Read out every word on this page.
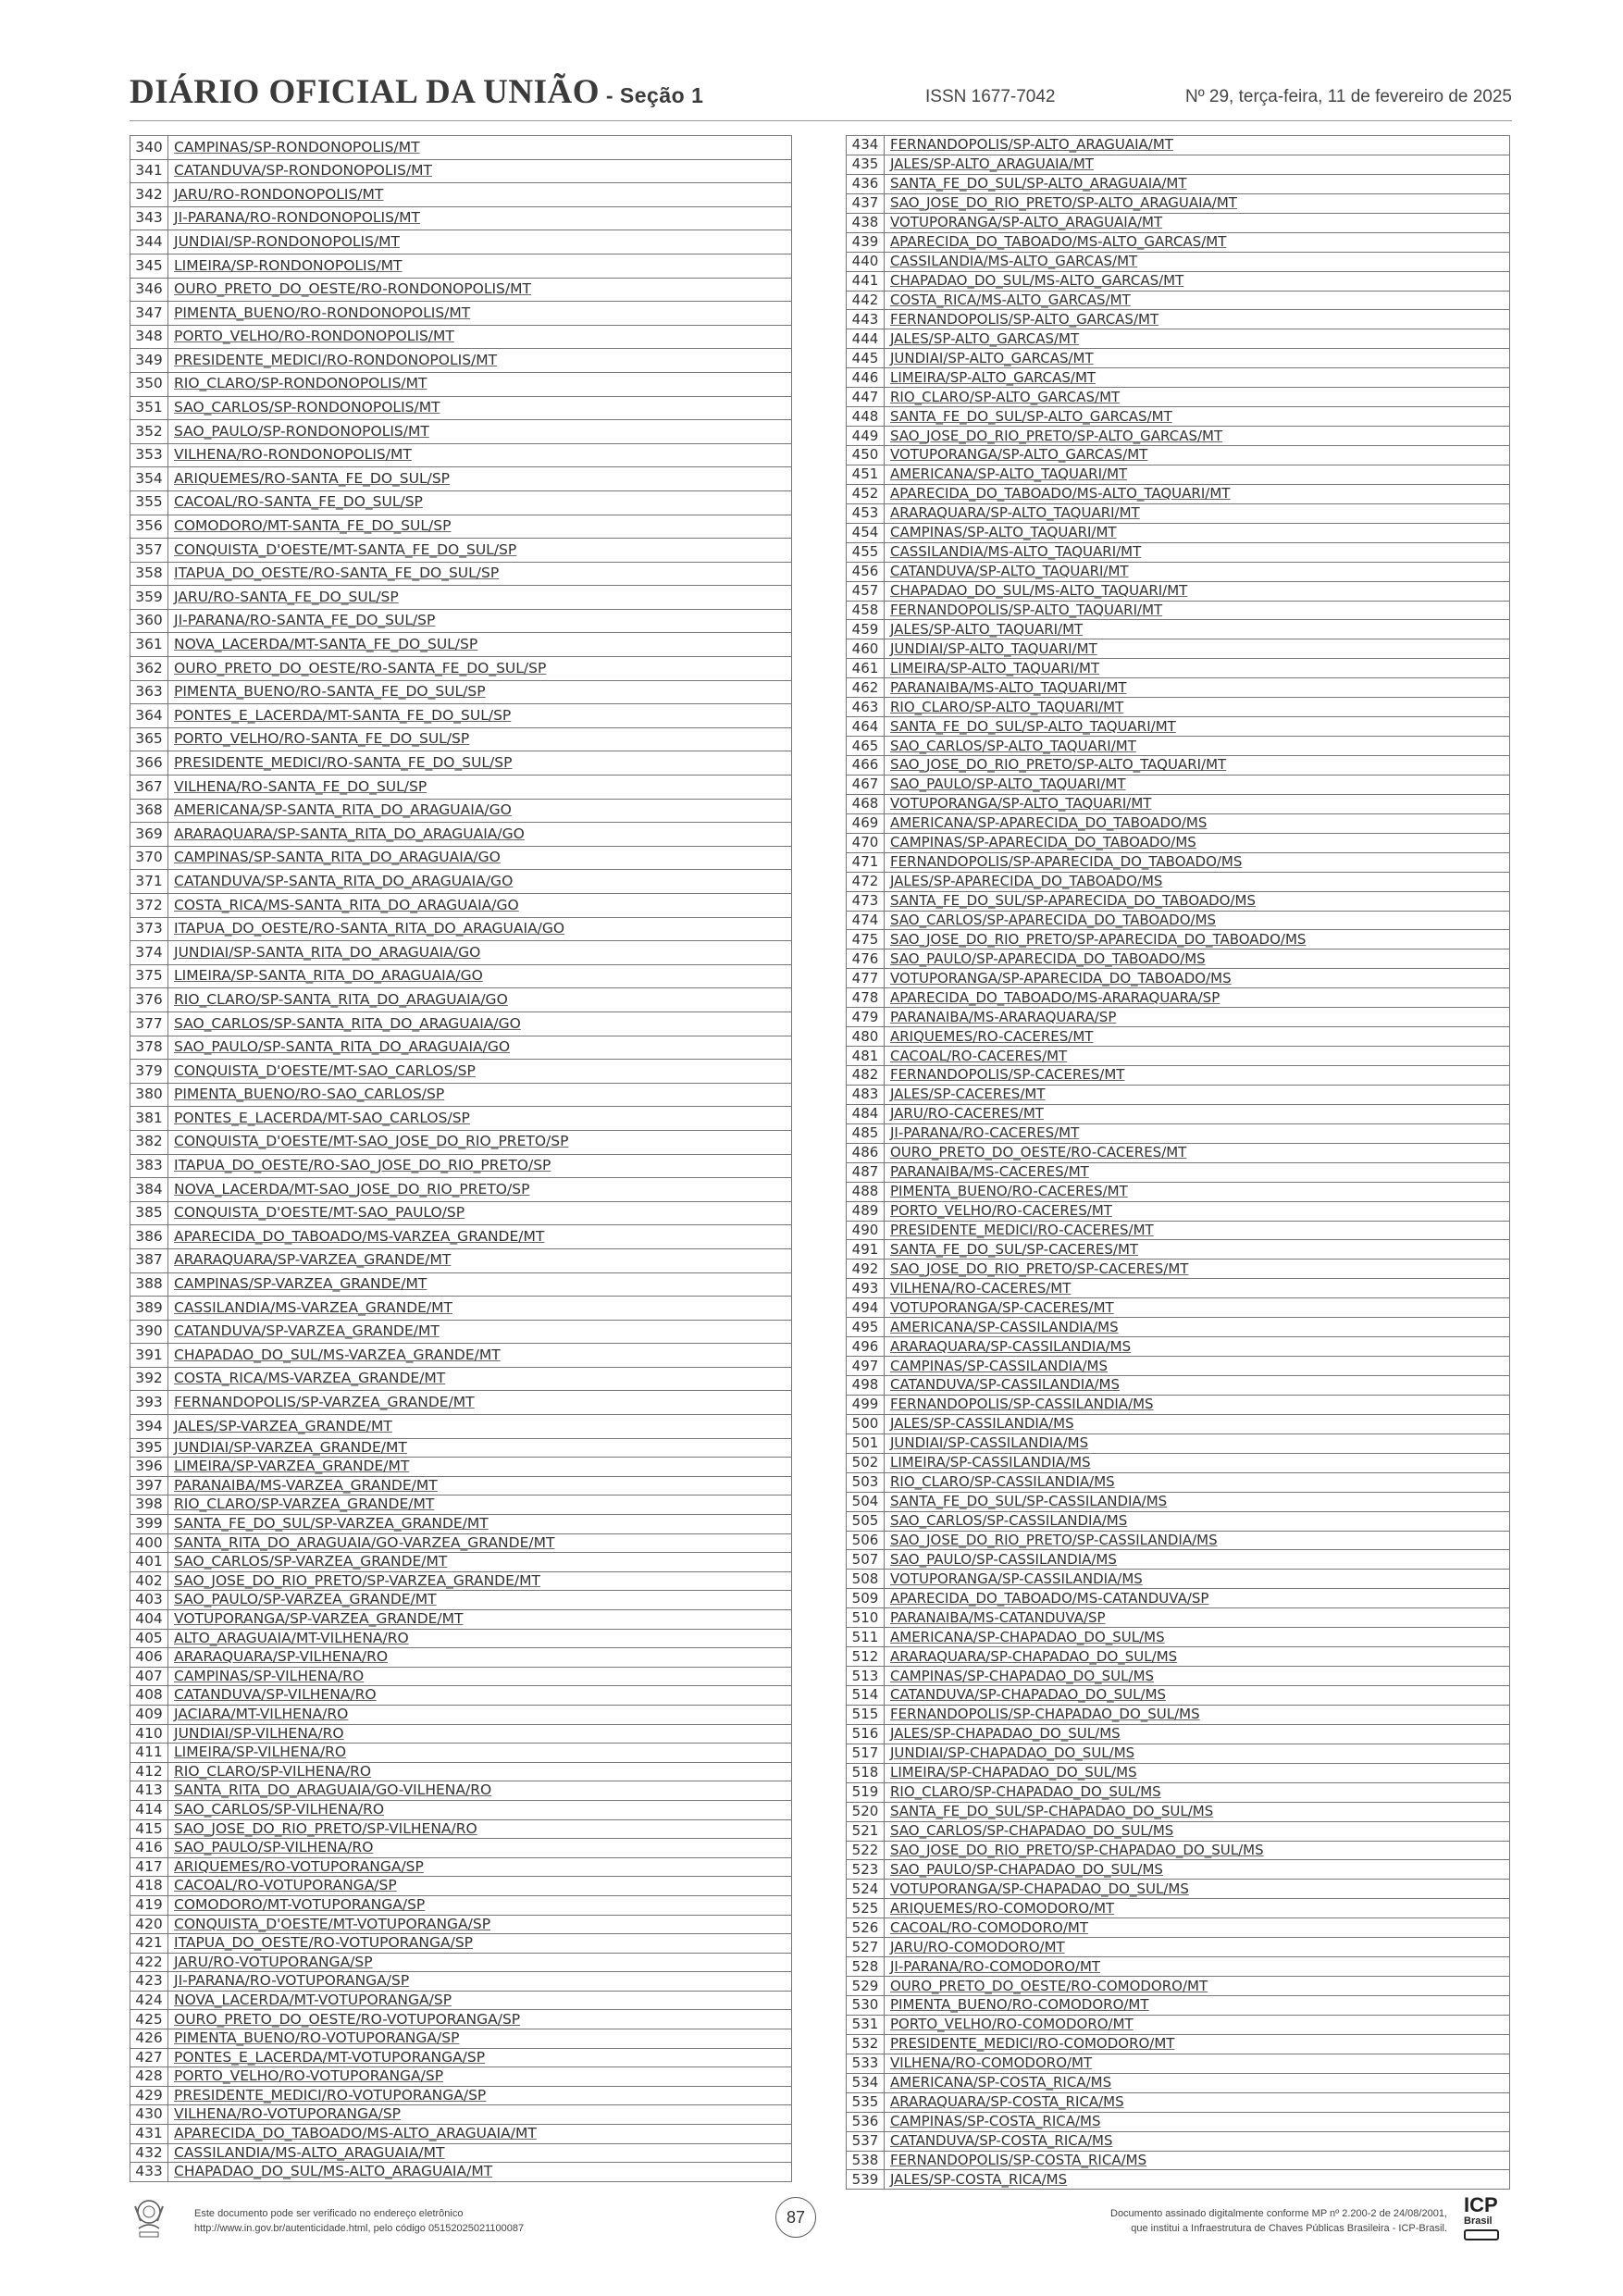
DIÁRIO OFICIAL DA UNIÃO - Seção 1	ISSN 1677-7042	Nº 29, terça-feira, 11 de fevereiro de 2025
340	CAMPINAS/SP-RONDONOPOLIS/MT
341	CATANDUVA/SP-RONDONOPOLIS/MT
342	JARU/RO-RONDONOPOLIS/MT
343	JI-PARANA/RO-RONDONOPOLIS/MT
344	JUNDIAI/SP-RONDONOPOLIS/MT
345	LIMEIRA/SP-RONDONOPOLIS/MT
346	OURO_PRETO_DO_OESTE/RO-RONDONOPOLIS/MT
347	PIMENTA_BUENO/RO-RONDONOPOLIS/MT
348	PORTO_VELHO/RO-RONDONOPOLIS/MT
349	PRESIDENTE_MEDICI/RO-RONDONOPOLIS/MT
350	RIO_CLARO/SP-RONDONOPOLIS/MT
351	SAO_CARLOS/SP-RONDONOPOLIS/MT
352	SAO_PAULO/SP-RONDONOPOLIS/MT
353	VILHENA/RO-RONDONOPOLIS/MT
354	ARIQUEMES/RO-SANTA_FE_DO_SUL/SP
355	CACOAL/RO-SANTA_FE_DO_SUL/SP
356	COMODORO/MT-SANTA_FE_DO_SUL/SP
357	CONQUISTA_D'OESTE/MT-SANTA_FE_DO_SUL/SP
358	ITAPUA_DO_OESTE/RO-SANTA_FE_DO_SUL/SP
359	JARU/RO-SANTA_FE_DO_SUL/SP
360	JI-PARANA/RO-SANTA_FE_DO_SUL/SP
361	NOVA_LACERDA/MT-SANTA_FE_DO_SUL/SP
362	OURO_PRETO_DO_OESTE/RO-SANTA_FE_DO_SUL/SP
363	PIMENTA_BUENO/RO-SANTA_FE_DO_SUL/SP
364	PONTES_E_LACERDA/MT-SANTA_FE_DO_SUL/SP
365	PORTO_VELHO/RO-SANTA_FE_DO_SUL/SP
366	PRESIDENTE_MEDICI/RO-SANTA_FE_DO_SUL/SP
367	VILHENA/RO-SANTA_FE_DO_SUL/SP
368	AMERICANA/SP-SANTA_RITA_DO_ARAGUAIA/GO
369	ARARAQUARA/SP-SANTA_RITA_DO_ARAGUAIA/GO
370	CAMPINAS/SP-SANTA_RITA_DO_ARAGUAIA/GO
371	CATANDUVA/SP-SANTA_RITA_DO_ARAGUAIA/GO
372	COSTA_RICA/MS-SANTA_RITA_DO_ARAGUAIA/GO
373	ITAPUA_DO_OESTE/RO-SANTA_RITA_DO_ARAGUAIA/GO
374	JUNDIAI/SP-SANTA_RITA_DO_ARAGUAIA/GO
375	LIMEIRA/SP-SANTA_RITA_DO_ARAGUAIA/GO
376	RIO_CLARO/SP-SANTA_RITA_DO_ARAGUAIA/GO
377	SAO_CARLOS/SP-SANTA_RITA_DO_ARAGUAIA/GO
378	SAO_PAULO/SP-SANTA_RITA_DO_ARAGUAIA/GO
379	CONQUISTA_D'OESTE/MT-SAO_CARLOS/SP
380	PIMENTA_BUENO/RO-SAO_CARLOS/SP
381	PONTES_E_LACERDA/MT-SAO_CARLOS/SP
382	CONQUISTA_D'OESTE/MT-SAO_JOSE_DO_RIO_PRETO/SP
383	ITAPUA_DO_OESTE/RO-SAO_JOSE_DO_RIO_PRETO/SP
384	NOVA_LACERDA/MT-SAO_JOSE_DO_RIO_PRETO/SP
385	CONQUISTA_D'OESTE/MT-SAO_PAULO/SP
386	APARECIDA_DO_TABOADO/MS-VARZEA_GRANDE/MT
387	ARARAQUARA/SP-VARZEA_GRANDE/MT
388	CAMPINAS/SP-VARZEA_GRANDE/MT
389	CASSILANDIA/MS-VARZEA_GRANDE/MT
390	CATANDUVA/SP-VARZEA_GRANDE/MT
391	CHAPADAO_DO_SUL/MS-VARZEA_GRANDE/MT
392	COSTA_RICA/MS-VARZEA_GRANDE/MT
393	FERNANDOPOLIS/SP-VARZEA_GRANDE/MT
394	JALES/SP-VARZEA_GRANDE/MT
395	JUNDIAI/SP-VARZEA_GRANDE/MT
396	LIMEIRA/SP-VARZEA_GRANDE/MT
397	PARANAIBA/MS-VARZEA_GRANDE/MT
398	RIO_CLARO/SP-VARZEA_GRANDE/MT
399	SANTA_FE_DO_SUL/SP-VARZEA_GRANDE/MT
400	SANTA_RITA_DO_ARAGUAIA/GO-VARZEA_GRANDE/MT
401	SAO_CARLOS/SP-VARZEA_GRANDE/MT
402	SAO_JOSE_DO_RIO_PRETO/SP-VARZEA_GRANDE/MT
403	SAO_PAULO/SP-VARZEA_GRANDE/MT
404	VOTUPORANGA/SP-VARZEA_GRANDE/MT
405	ALTO_ARAGUAIA/MT-VILHENA/RO
406	ARARAQUARA/SP-VILHENA/RO
407	CAMPINAS/SP-VILHENA/RO
408	CATANDUVA/SP-VILHENA/RO
409	JACIARA/MT-VILHENA/RO
410	JUNDIAI/SP-VILHENA/RO
411	LIMEIRA/SP-VILHENA/RO
412	RIO_CLARO/SP-VILHENA/RO
413	SANTA_RITA_DO_ARAGUAIA/GO-VILHENA/RO
414	SAO_CARLOS/SP-VILHENA/RO
415	SAO_JOSE_DO_RIO_PRETO/SP-VILHENA/RO
416	SAO_PAULO/SP-VILHENA/RO
417	ARIQUEMES/RO-VOTUPORANGA/SP
418	CACOAL/RO-VOTUPORANGA/SP
419	COMODORO/MT-VOTUPORANGA/SP
420	CONQUISTA_D'OESTE/MT-VOTUPORANGA/SP
421	ITAPUA_DO_OESTE/RO-VOTUPORANGA/SP
422	JARU/RO-VOTUPORANGA/SP
423	JI-PARANA/RO-VOTUPORANGA/SP
424	NOVA_LACERDA/MT-VOTUPORANGA/SP
425	OURO_PRETO_DO_OESTE/RO-VOTUPORANGA/SP
426	PIMENTA_BUENO/RO-VOTUPORANGA/SP
427	PONTES_E_LACERDA/MT-VOTUPORANGA/SP
428	PORTO_VELHO/RO-VOTUPORANGA/SP
429	PRESIDENTE_MEDICI/RO-VOTUPORANGA/SP
430	VILHENA/RO-VOTUPORANGA/SP
431	APARECIDA_DO_TABOADO/MS-ALTO_ARAGUAIA/MT
432	CASSILANDIA/MS-ALTO_ARAGUAIA/MT
433	CHAPADAO_DO_SUL/MS-ALTO_ARAGUAIA/MT
434	FERNANDOPOLIS/SP-ALTO_ARAGUAIA/MT
435	JALES/SP-ALTO_ARAGUAIA/MT
436	SANTA_FE_DO_SUL/SP-ALTO_ARAGUAIA/MT
437	SAO_JOSE_DO_RIO_PRETO/SP-ALTO_ARAGUAIA/MT
438	VOTUPORANGA/SP-ALTO_ARAGUAIA/MT
439	APARECIDA_DO_TABOADO/MS-ALTO_GARCAS/MT
440	CASSILANDIA/MS-ALTO_GARCAS/MT
441	CHAPADAO_DO_SUL/MS-ALTO_GARCAS/MT
442	COSTA_RICA/MS-ALTO_GARCAS/MT
443	FERNANDOPOLIS/SP-ALTO_GARCAS/MT
444	JALES/SP-ALTO_GARCAS/MT
445	JUNDIAI/SP-ALTO_GARCAS/MT
446	LIMEIRA/SP-ALTO_GARCAS/MT
447	RIO_CLARO/SP-ALTO_GARCAS/MT
448	SANTA_FE_DO_SUL/SP-ALTO_GARCAS/MT
449	SAO_JOSE_DO_RIO_PRETO/SP-ALTO_GARCAS/MT
450	VOTUPORANGA/SP-ALTO_GARCAS/MT
451	AMERICANA/SP-ALTO_TAQUARI/MT
452	APARECIDA_DO_TABOADO/MS-ALTO_TAQUARI/MT
453	ARARAQUARA/SP-ALTO_TAQUARI/MT
454	CAMPINAS/SP-ALTO_TAQUARI/MT
455	CASSILANDIA/MS-ALTO_TAQUARI/MT
456	CATANDUVA/SP-ALTO_TAQUARI/MT
457	CHAPADAO_DO_SUL/MS-ALTO_TAQUARI/MT
458	FERNANDOPOLIS/SP-ALTO_TAQUARI/MT
459	JALES/SP-ALTO_TAQUARI/MT
460	JUNDIAI/SP-ALTO_TAQUARI/MT
461	LIMEIRA/SP-ALTO_TAQUARI/MT
462	PARANAIBA/MS-ALTO_TAQUARI/MT
463	RIO_CLARO/SP-ALTO_TAQUARI/MT
464	SANTA_FE_DO_SUL/SP-ALTO_TAQUARI/MT
465	SAO_CARLOS/SP-ALTO_TAQUARI/MT
466	SAO_JOSE_DO_RIO_PRETO/SP-ALTO_TAQUARI/MT
467	SAO_PAULO/SP-ALTO_TAQUARI/MT
468	VOTUPORANGA/SP-ALTO_TAQUARI/MT
469	AMERICANA/SP-APARECIDA_DO_TABOADO/MS
470	CAMPINAS/SP-APARECIDA_DO_TABOADO/MS
471	FERNANDOPOLIS/SP-APARECIDA_DO_TABOADO/MS
472	JALES/SP-APARECIDA_DO_TABOADO/MS
473	SANTA_FE_DO_SUL/SP-APARECIDA_DO_TABOADO/MS
474	SAO_CARLOS/SP-APARECIDA_DO_TABOADO/MS
475	SAO_JOSE_DO_RIO_PRETO/SP-APARECIDA_DO_TABOADO/MS
476	SAO_PAULO/SP-APARECIDA_DO_TABOADO/MS
477	VOTUPORANGA/SP-APARECIDA_DO_TABOADO/MS
478	APARECIDA_DO_TABOADO/MS-ARARAQUARA/SP
479	PARANAIBA/MS-ARARAQUARA/SP
480	ARIQUEMES/RO-CACERES/MT
481	CACOAL/RO-CACERES/MT
482	FERNANDOPOLIS/SP-CACERES/MT
483	JALES/SP-CACERES/MT
484	JARU/RO-CACERES/MT
485	JI-PARANA/RO-CACERES/MT
486	OURO_PRETO_DO_OESTE/RO-CACERES/MT
487	PARANAIBA/MS-CACERES/MT
488	PIMENTA_BUENO/RO-CACERES/MT
489	PORTO_VELHO/RO-CACERES/MT
490	PRESIDENTE_MEDICI/RO-CACERES/MT
491	SANTA_FE_DO_SUL/SP-CACERES/MT
492	SAO_JOSE_DO_RIO_PRETO/SP-CACERES/MT
493	VILHENA/RO-CACERES/MT
494	VOTUPORANGA/SP-CACERES/MT
495	AMERICANA/SP-CASSILANDIA/MS
496	ARARAQUARA/SP-CASSILANDIA/MS
497	CAMPINAS/SP-CASSILANDIA/MS
498	CATANDUVA/SP-CASSILANDIA/MS
499	FERNANDOPOLIS/SP-CASSILANDIA/MS
500	JALES/SP-CASSILANDIA/MS
501	JUNDIAI/SP-CASSILANDIA/MS
502	LIMEIRA/SP-CASSILANDIA/MS
503	RIO_CLARO/SP-CASSILANDIA/MS
504	SANTA_FE_DO_SUL/SP-CASSILANDIA/MS
505	SAO_CARLOS/SP-CASSILANDIA/MS
506	SAO_JOSE_DO_RIO_PRETO/SP-CASSILANDIA/MS
507	SAO_PAULO/SP-CASSILANDIA/MS
508	VOTUPORANGA/SP-CASSILANDIA/MS
509	APARECIDA_DO_TABOADO/MS-CATANDUVA/SP
510	PARANAIBA/MS-CATANDUVA/SP
511	AMERICANA/SP-CHAPADAO_DO_SUL/MS
512	ARARAQUARA/SP-CHAPADAO_DO_SUL/MS
513	CAMPINAS/SP-CHAPADAO_DO_SUL/MS
514	CATANDUVA/SP-CHAPADAO_DO_SUL/MS
515	FERNANDOPOLIS/SP-CHAPADAO_DO_SUL/MS
516	JALES/SP-CHAPADAO_DO_SUL/MS
517	JUNDIAI/SP-CHAPADAO_DO_SUL/MS
518	LIMEIRA/SP-CHAPADAO_DO_SUL/MS
519	RIO_CLARO/SP-CHAPADAO_DO_SUL/MS
520	SANTA_FE_DO_SUL/SP-CHAPADAO_DO_SUL/MS
521	SAO_CARLOS/SP-CHAPADAO_DO_SUL/MS
522	SAO_JOSE_DO_RIO_PRETO/SP-CHAPADAO_DO_SUL/MS
523	SAO_PAULO/SP-CHAPADAO_DO_SUL/MS
524	VOTUPORANGA/SP-CHAPADAO_DO_SUL/MS
525	ARIQUEMES/RO-COMODORO/MT
526	CACOAL/RO-COMODORO/MT
527	JARU/RO-COMODORO/MT
528	JI-PARANA/RO-COMODORO/MT
529	OURO_PRETO_DO_OESTE/RO-COMODORO/MT
530	PIMENTA_BUENO/RO-COMODORO/MT
531	PORTO_VELHO/RO-COMODORO/MT
532	PRESIDENTE_MEDICI/RO-COMODORO/MT
533	VILHENA/RO-COMODORO/MT
534	AMERICANA/SP-COSTA_RICA/MS
535	ARARAQUARA/SP-COSTA_RICA/MS
536	CAMPINAS/SP-COSTA_RICA/MS
537	CATANDUVA/SP-COSTA_RICA/MS
538	FERNANDOPOLIS/SP-COSTA_RICA/MS
539	JALES/SP-COSTA_RICA/MS
Este documento pode ser verificado no endereço eletrônico
http://www.in.gov.br/autenticidade.html, pelo código 05152025021100087
87	Documento assinado digitalmente conforme MP nº 2.200-2 de 24/08/2001,
que institui a Infraestrutura de Chaves Públicas Brasileira - ICP-Brasil.
ICP
Brasil
